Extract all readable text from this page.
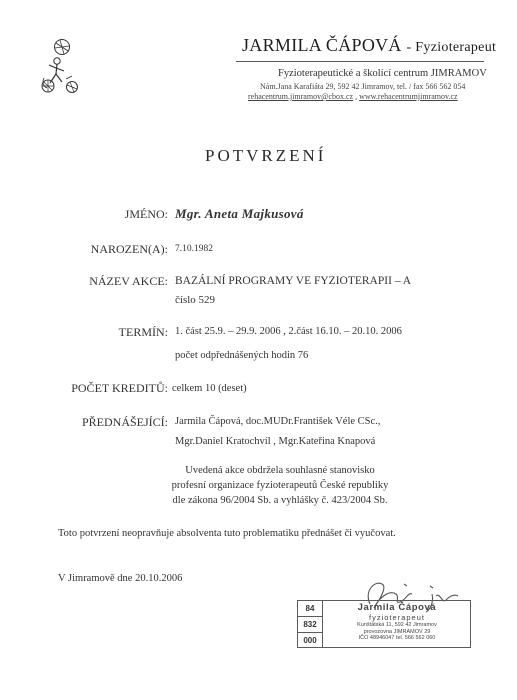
JARMILA ČÁPOVÁ - Fyzioterapeut
Fyzioterapeutické a školící centrum JIMRAMOV
Nám.Jana Karafiáta 29, 592 42 Jimramov, tel. / fax 566 562 054
rehacentrum.jimramov@cbox.cz , www.rehacentrumjimramov.cz
POTVRZENÍ
JMÉNO: Mgr. Aneta Majkusová
NAROZEN(A): 7.10.1982
NÁZEV AKCE: BAZÁLNÍ PROGRAMY VE FYZIOTERAPII – A
číslo 529
TERMÍN: 1. část 25.9. – 29.9. 2006 , 2.část 16.10. – 20.10. 2006
počet odpřednášených hodin 76
POČET KREDITŮ: celkem 10 (deset)
PŘEDNÁŠEJÍCÍ: Jarmila Čápová, doc.MUDr.František Véle CSc.,
Mgr.Daniel Kratochvíl , Mgr.Kateřina Knapová
Uvedená akce obdržela souhlasné stanovisko
profesní organizace fyzioterapeutů České republiky
dle zákona 96/2004 Sb. a vyhlášky č. 423/2004 Sb.
Toto potvrzení neopravňuje absolventa tuto problematiku přednášet či vyučovat.
V Jimramově dne 20.10.2006
84
832
000
Jarmila Čápová
fyzioterapeut
Kunštátská 11, 592 42 Jimramov
provozovna JIMRAMOV 29
IČO 48946047 tel. 566 562 060
